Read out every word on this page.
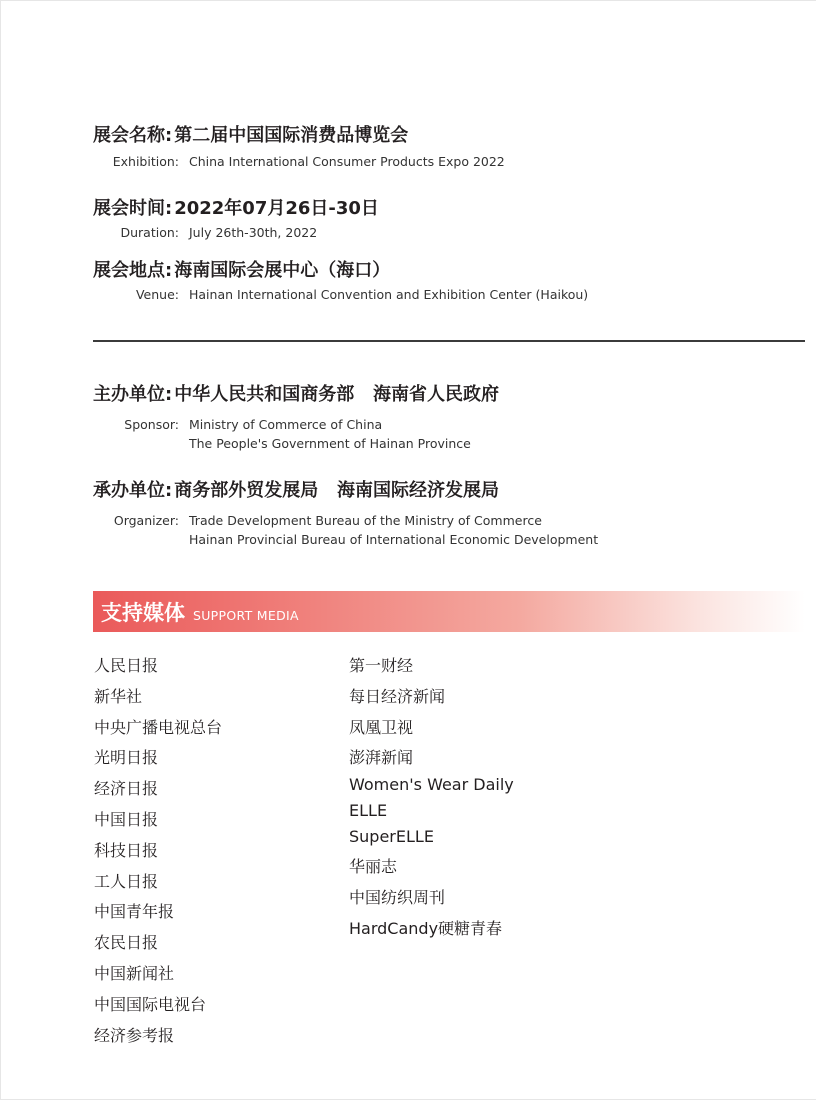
展会名称: 第二届中国国际消费品博览会
Exhibition: China International Consumer Products Expo 2022
展会时间: 2022年07月26日-30日
Duration: July 26th-30th, 2022
展会地点: 海南国际会展中心（海口）
Venue: Hainan International Convention and Exhibition Center (Haikou)
主办单位: 中华人民共和国商务部   海南省人民政府
Sponsor: Ministry of Commerce of China
The People's Government of Hainan Province
承办单位: 商务部外贸发展局   海南国际经济发展局
Organizer: Trade Development Bureau of the Ministry of Commerce
Hainan Provincial Bureau of International Economic Development
支持媒体 SUPPORT MEDIA
人民日报
新华社
中央广播电视总台
光明日报
经济日报
中国日报
科技日报
工人日报
中国青年报
农民日报
中国新闻社
中国国际电视台
经济参考报
第一财经
每日经济新闻
凤凰卫视
澎湃新闻
Women's Wear Daily
ELLE
SuperELLE
华丽志
中国纺织周刊
HardCandy硬糖青春
